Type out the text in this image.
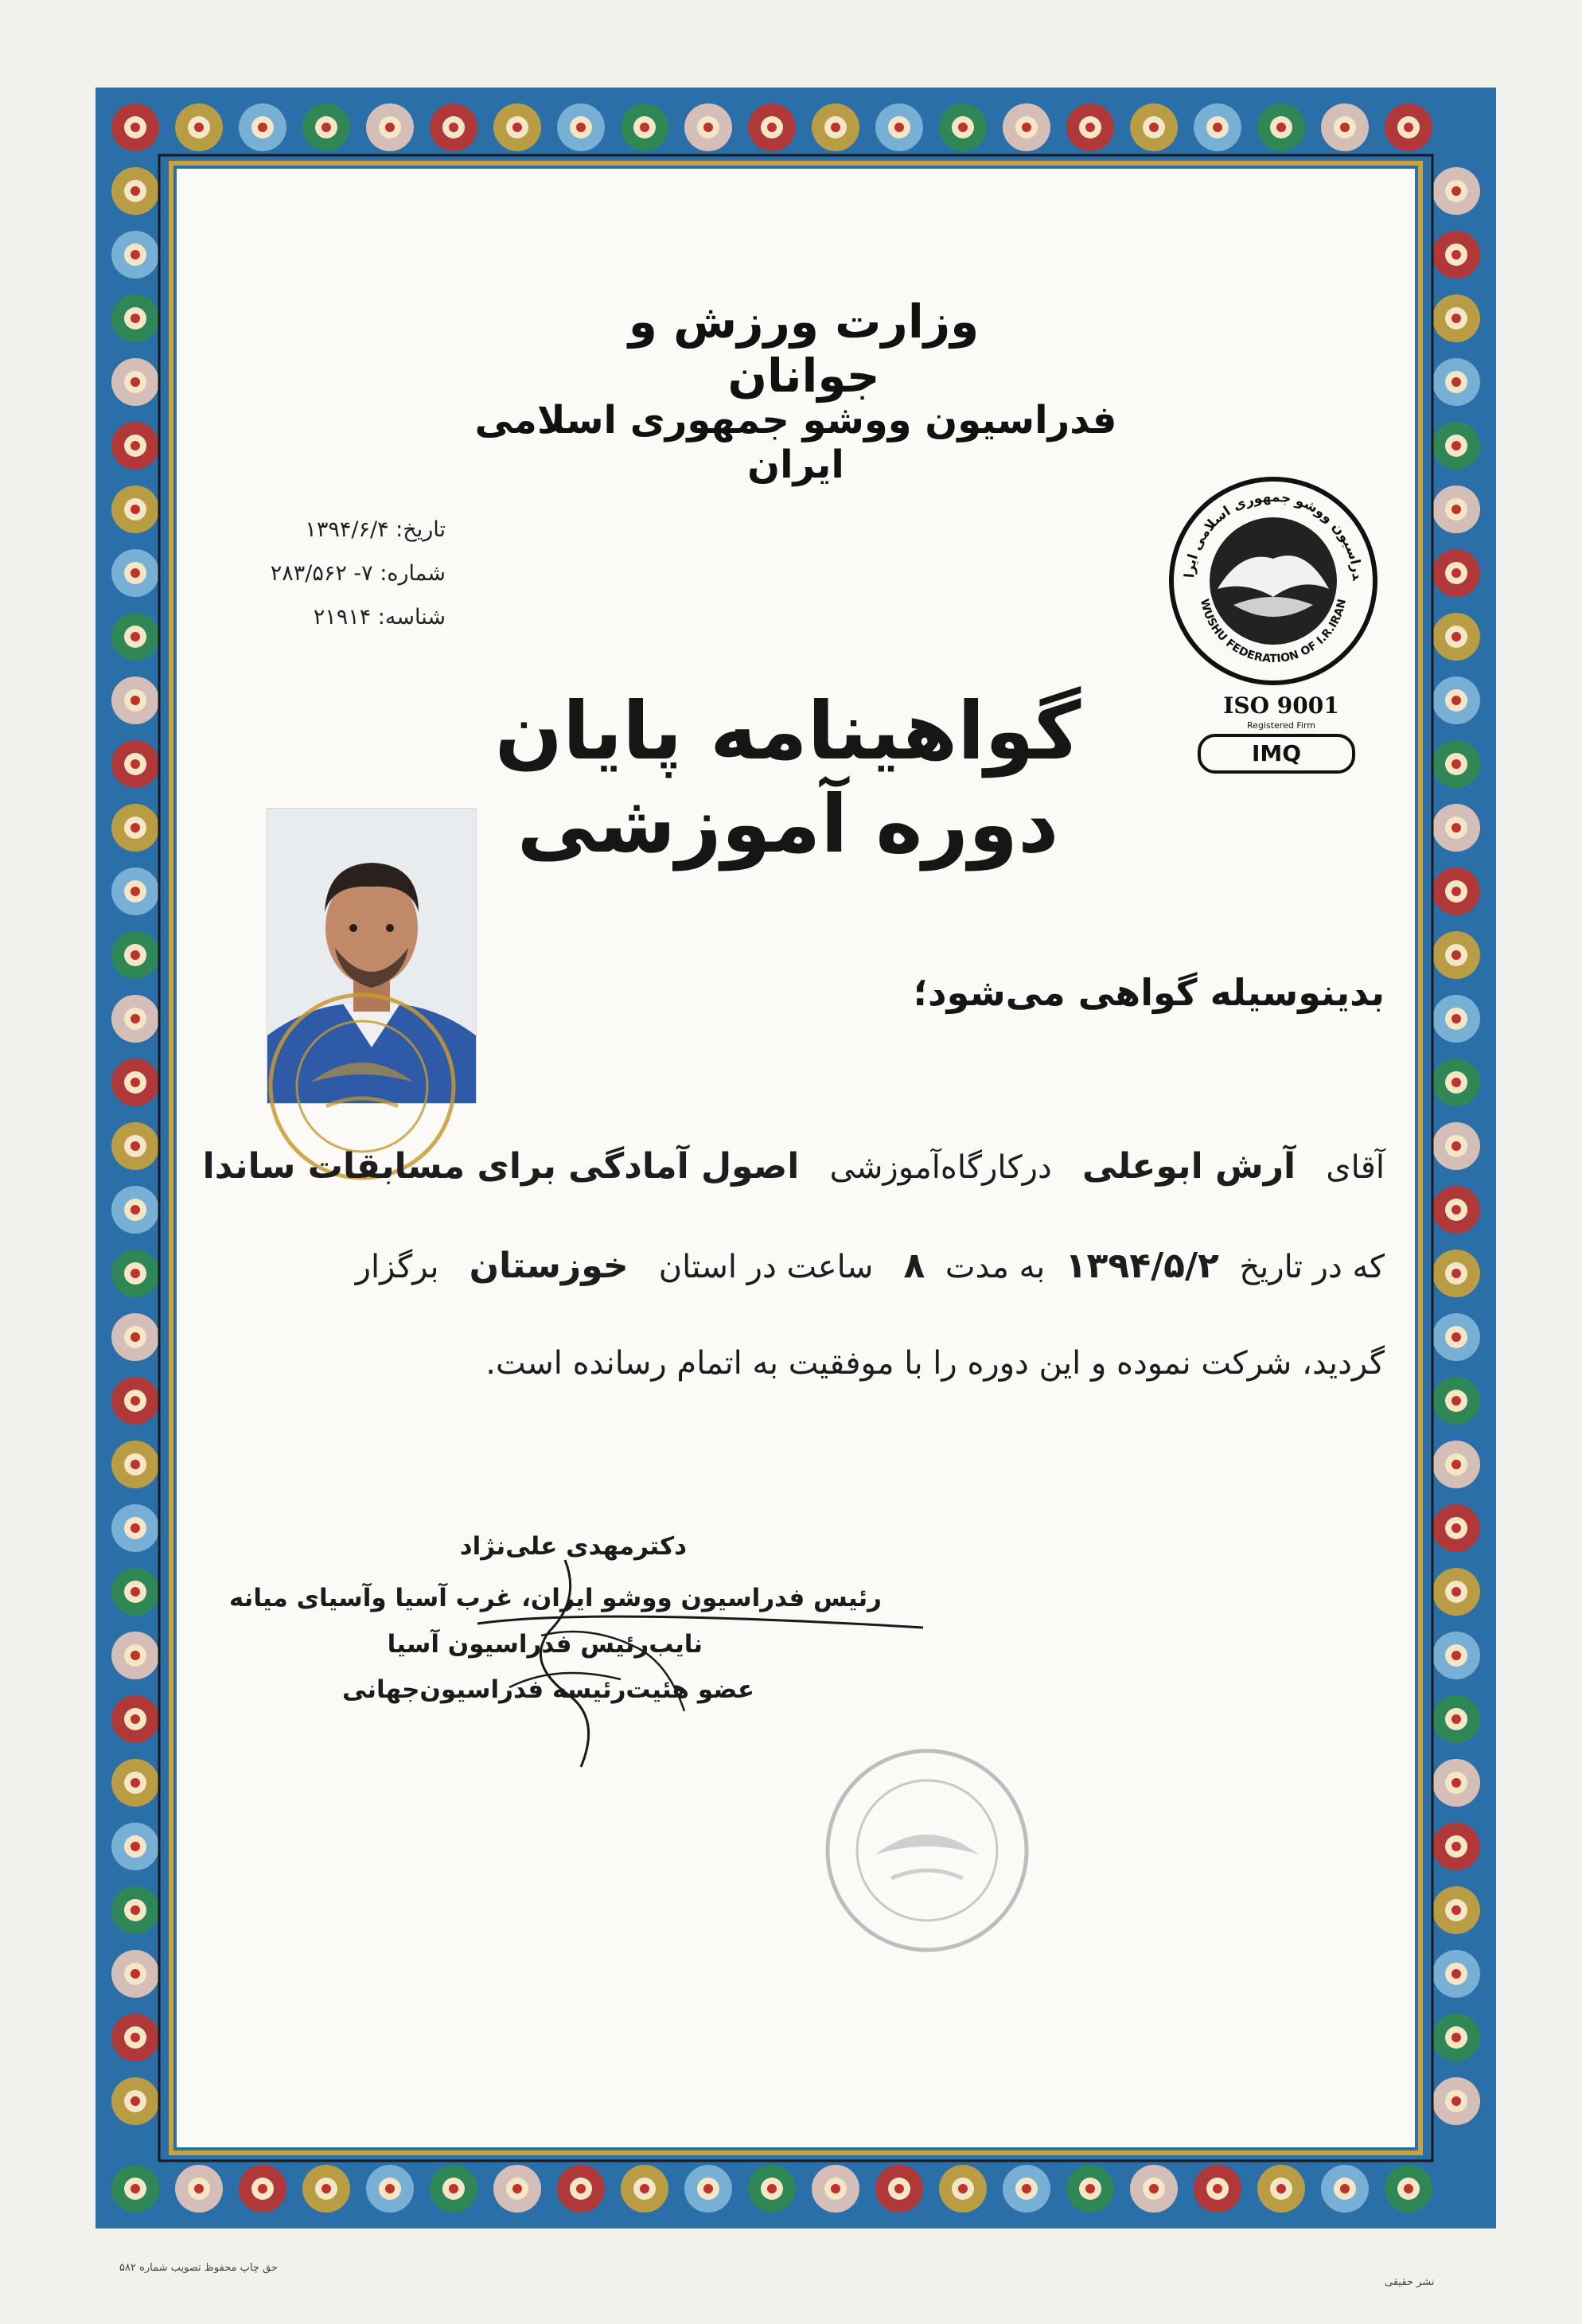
وزارت ورزش و جوانان
فدراسیون ووشو جمهوری اسلامی ایران
تاریخ: ۱۳۹۴/۶/۴
شماره: ۷- ۲۸۳/۵۶۲
شناسه: ۲۱۹۱۴
دراسیون ووشو جمهوری اسلامی ایرا
WUSHU FEDERATION OF I.R.IRAN
ISO 9001
Registered Firm
IMQ
گواهینامه پایان دوره آموزشی
بدینوسیله گواهی می‌شود؛
آقای   آرش ابوعلی   درکارگاه‌آموزشی   اصول آمادگی برای مسابقات ساندا
که در تاریخ  ۱۳۹۴/۵/۲  به مدت  ۸   ساعت در استان   خوزستان   برگزار
گردید، شرکت نموده و این دوره را با موفقیت به اتمام رسانده است.
دکترمهدی علی‌نژاد
رئیس فدراسیون ووشو ایران، غرب آسیا وآسیای میانه
نایب‌رئیس فدراسیون آسیا
عضو هئیت‌رئیسه فدراسیون‌جهانی
حق چاپ محفوظ تصویب شماره ۵۸۲
نشر حقیقی
